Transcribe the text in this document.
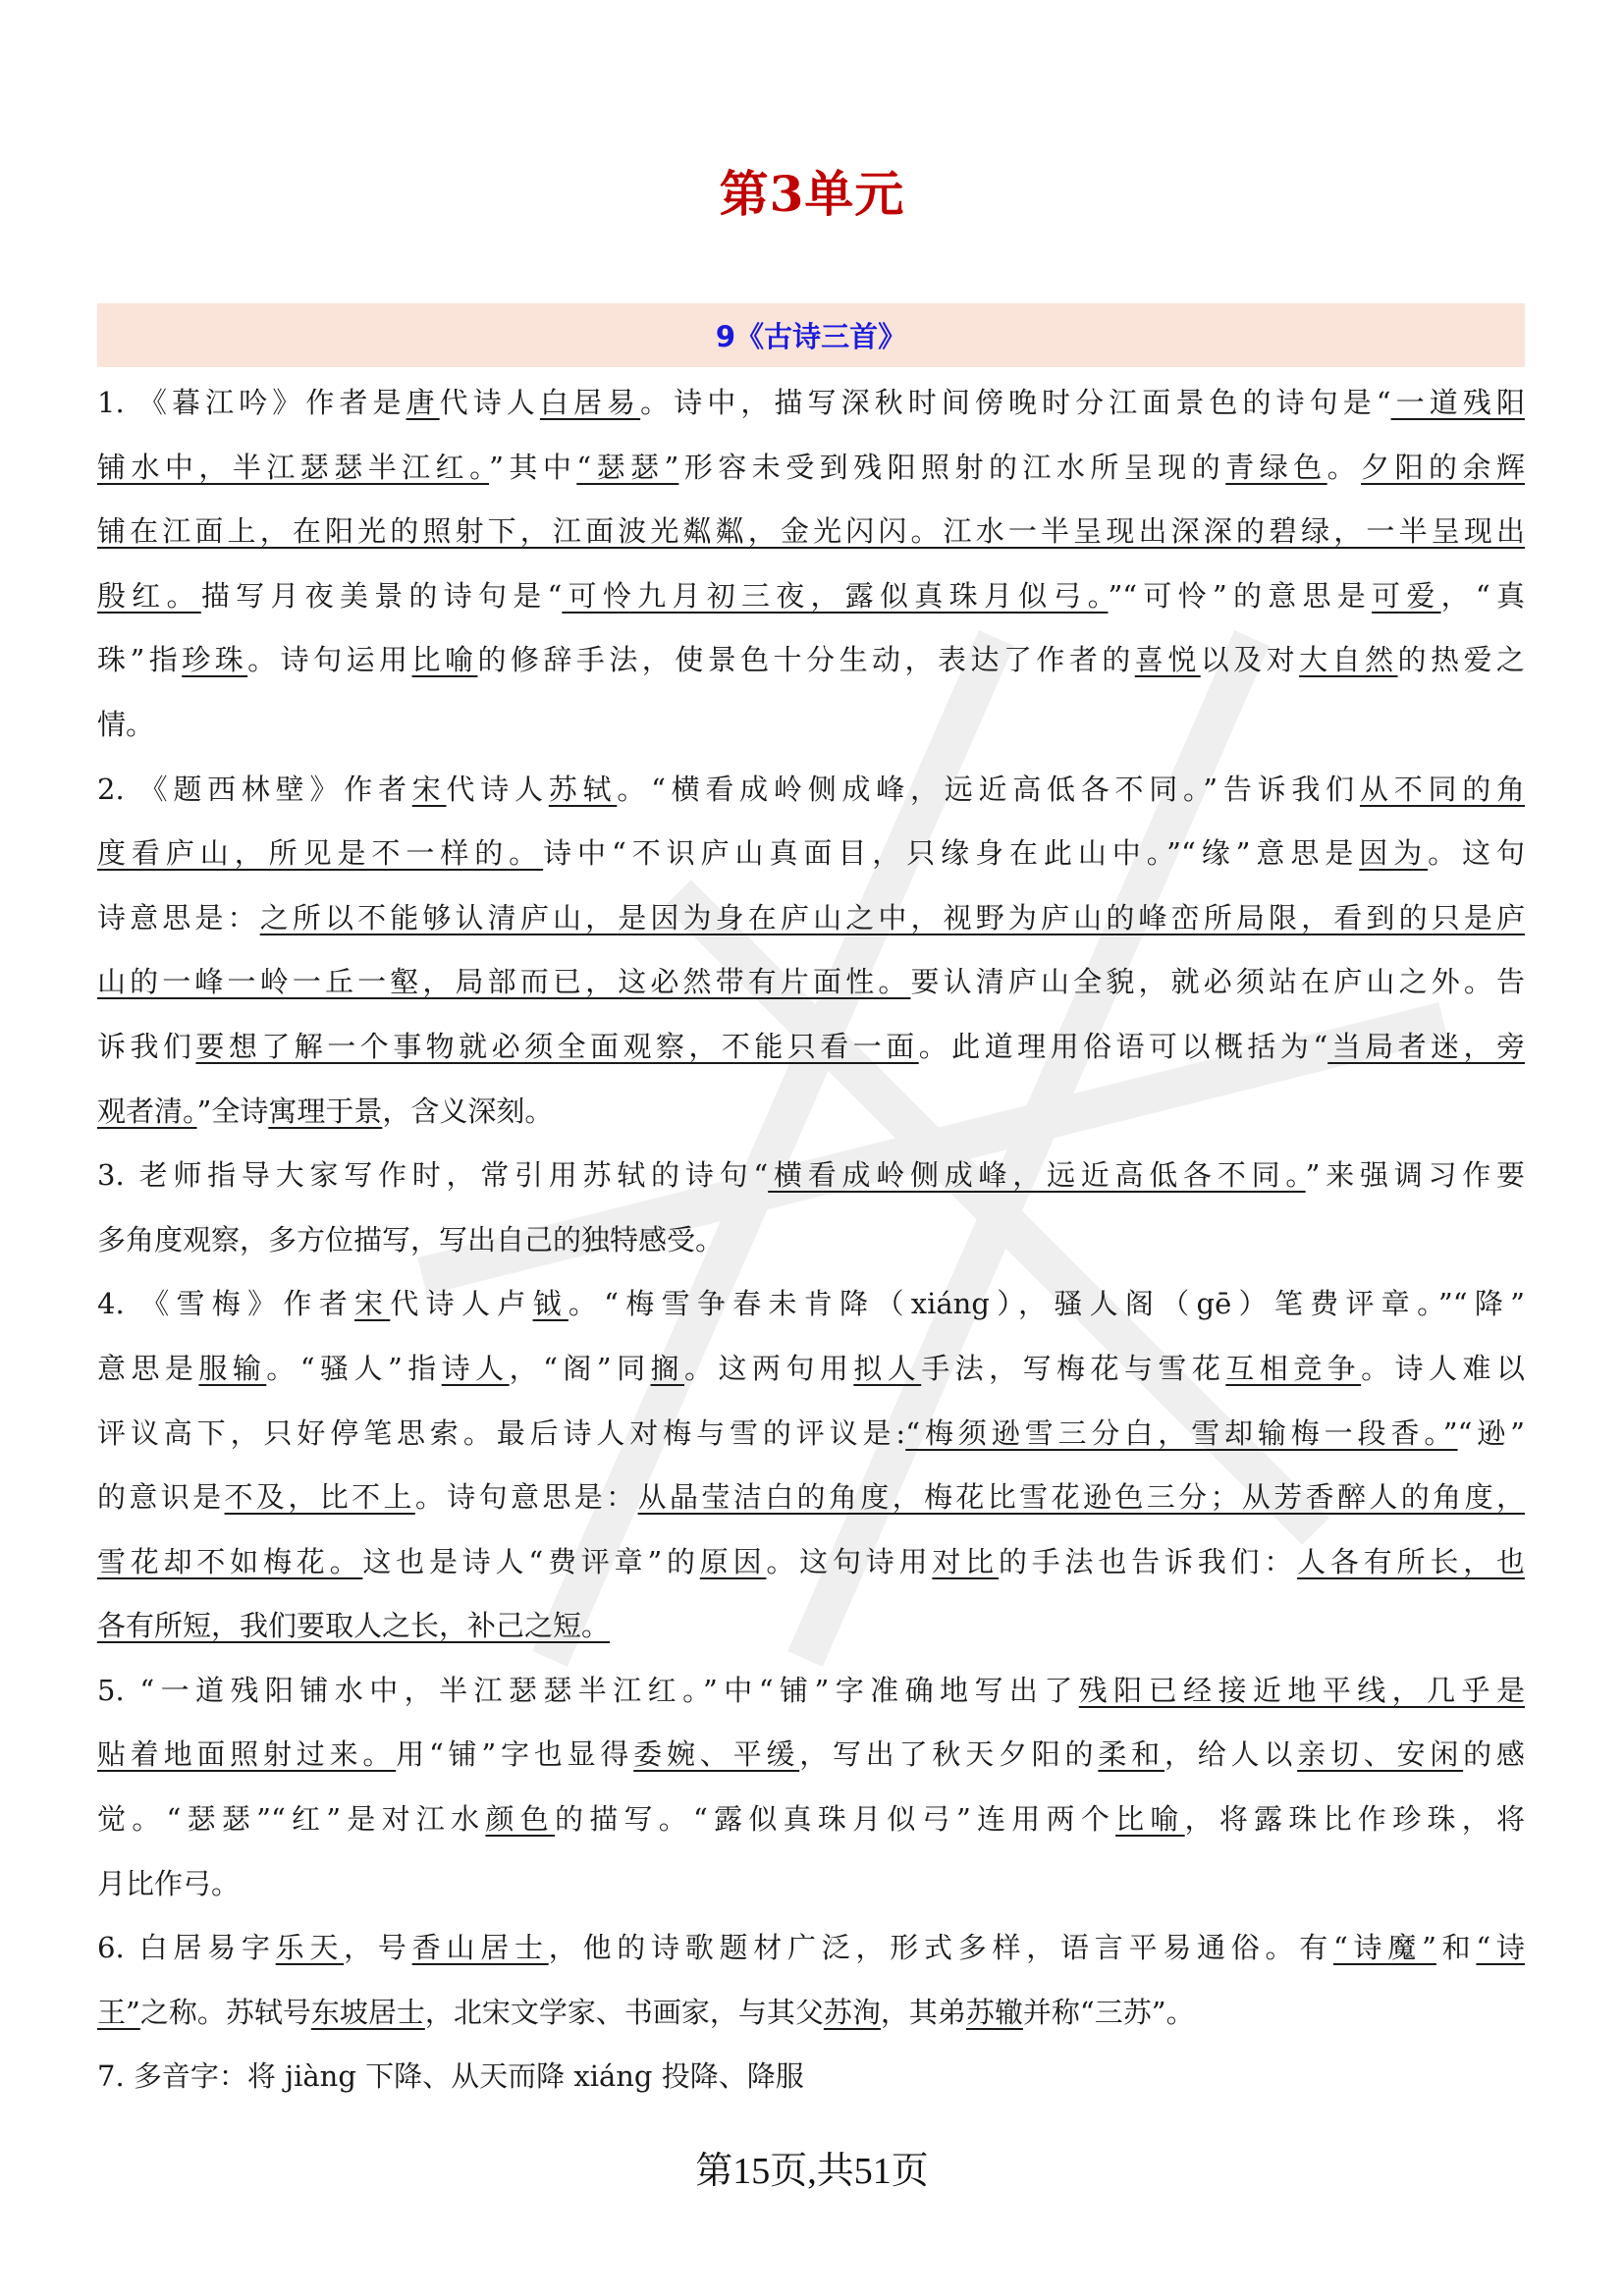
第3单元
9《古诗三首》
1. 《暮江吟》作者是唐代诗人白居易。诗中，描写深秋时间傍晚时分江面景色的诗句是“一道残阳
铺水中，半江瑟瑟半江红。”其中“瑟瑟”形容未受到残阳照射的江水所呈现的青绿色。夕阳的余辉
铺在江面上，在阳光的照射下，江面波光粼粼，金光闪闪。江水一半呈现出深深的碧绿，一半呈现出
殷红。描写月夜美景的诗句是“可怜九月初三夜，露似真珠月似弓。”“可怜”的意思是可爱，“真
珠”指珍珠。诗句运用比喻的修辞手法，使景色十分生动，表达了作者的喜悦以及对大自然的热爱之
情。
2. 《题西林壁》作者宋代诗人苏轼。“横看成岭侧成峰，远近高低各不同。”告诉我们从不同的角
度看庐山，所见是不一样的。诗中“不识庐山真面目，只缘身在此山中。”“缘”意思是因为。这句
诗意思是：之所以不能够认清庐山，是因为身在庐山之中，视野为庐山的峰峦所局限，看到的只是庐
山的一峰一岭一丘一壑，局部而已，这必然带有片面性。要认清庐山全貌，就必须站在庐山之外。告
诉我们要想了解一个事物就必须全面观察，不能只看一面。此道理用俗语可以概括为“当局者迷，旁
观者清。”全诗寓理于景，含义深刻。
3. 老师指导大家写作时，常引用苏轼的诗句“横看成岭侧成峰，远近高低各不同。”来强调习作要
多角度观察，多方位描写，写出自己的独特感受。
4. 《雪梅》作者宋代诗人卢钺。“梅雪争春未肯降（xiáng），骚人阁（gē）笔费评章。”“降”
意思是服输。“骚人”指诗人，“阁”同搁。这两句用拟人手法，写梅花与雪花互相竞争。诗人难以
评议高下，只好停笔思索。最后诗人对梅与雪的评议是:“梅须逊雪三分白，雪却输梅一段香。”“逊”
的意识是不及，比不上。诗句意思是：从晶莹洁白的角度，梅花比雪花逊色三分；从芳香醉人的角度，
雪花却不如梅花。这也是诗人“费评章”的原因。这句诗用对比的手法也告诉我们：人各有所长，也
各有所短，我们要取人之长，补己之短。
5. “一道残阳铺水中，半江瑟瑟半江红。”中“铺”字准确地写出了残阳已经接近地平线，几乎是
贴着地面照射过来。用“铺”字也显得委婉、平缓，写出了秋天夕阳的柔和，给人以亲切、安闲的感
觉。“瑟瑟”“红”是对江水颜色的描写。“露似真珠月似弓”连用两个比喻，将露珠比作珍珠，将
月比作弓。
6. 白居易字乐天，号香山居士，他的诗歌题材广泛，形式多样，语言平易通俗。有“诗魔”和“诗
王”之称。苏轼号东坡居士，北宋文学家、书画家，与其父苏洵，其弟苏辙并称“三苏”。
7. 多音字：将 jiàng 下降、从天而降 xiáng 投降、降服
第15页,共51页
